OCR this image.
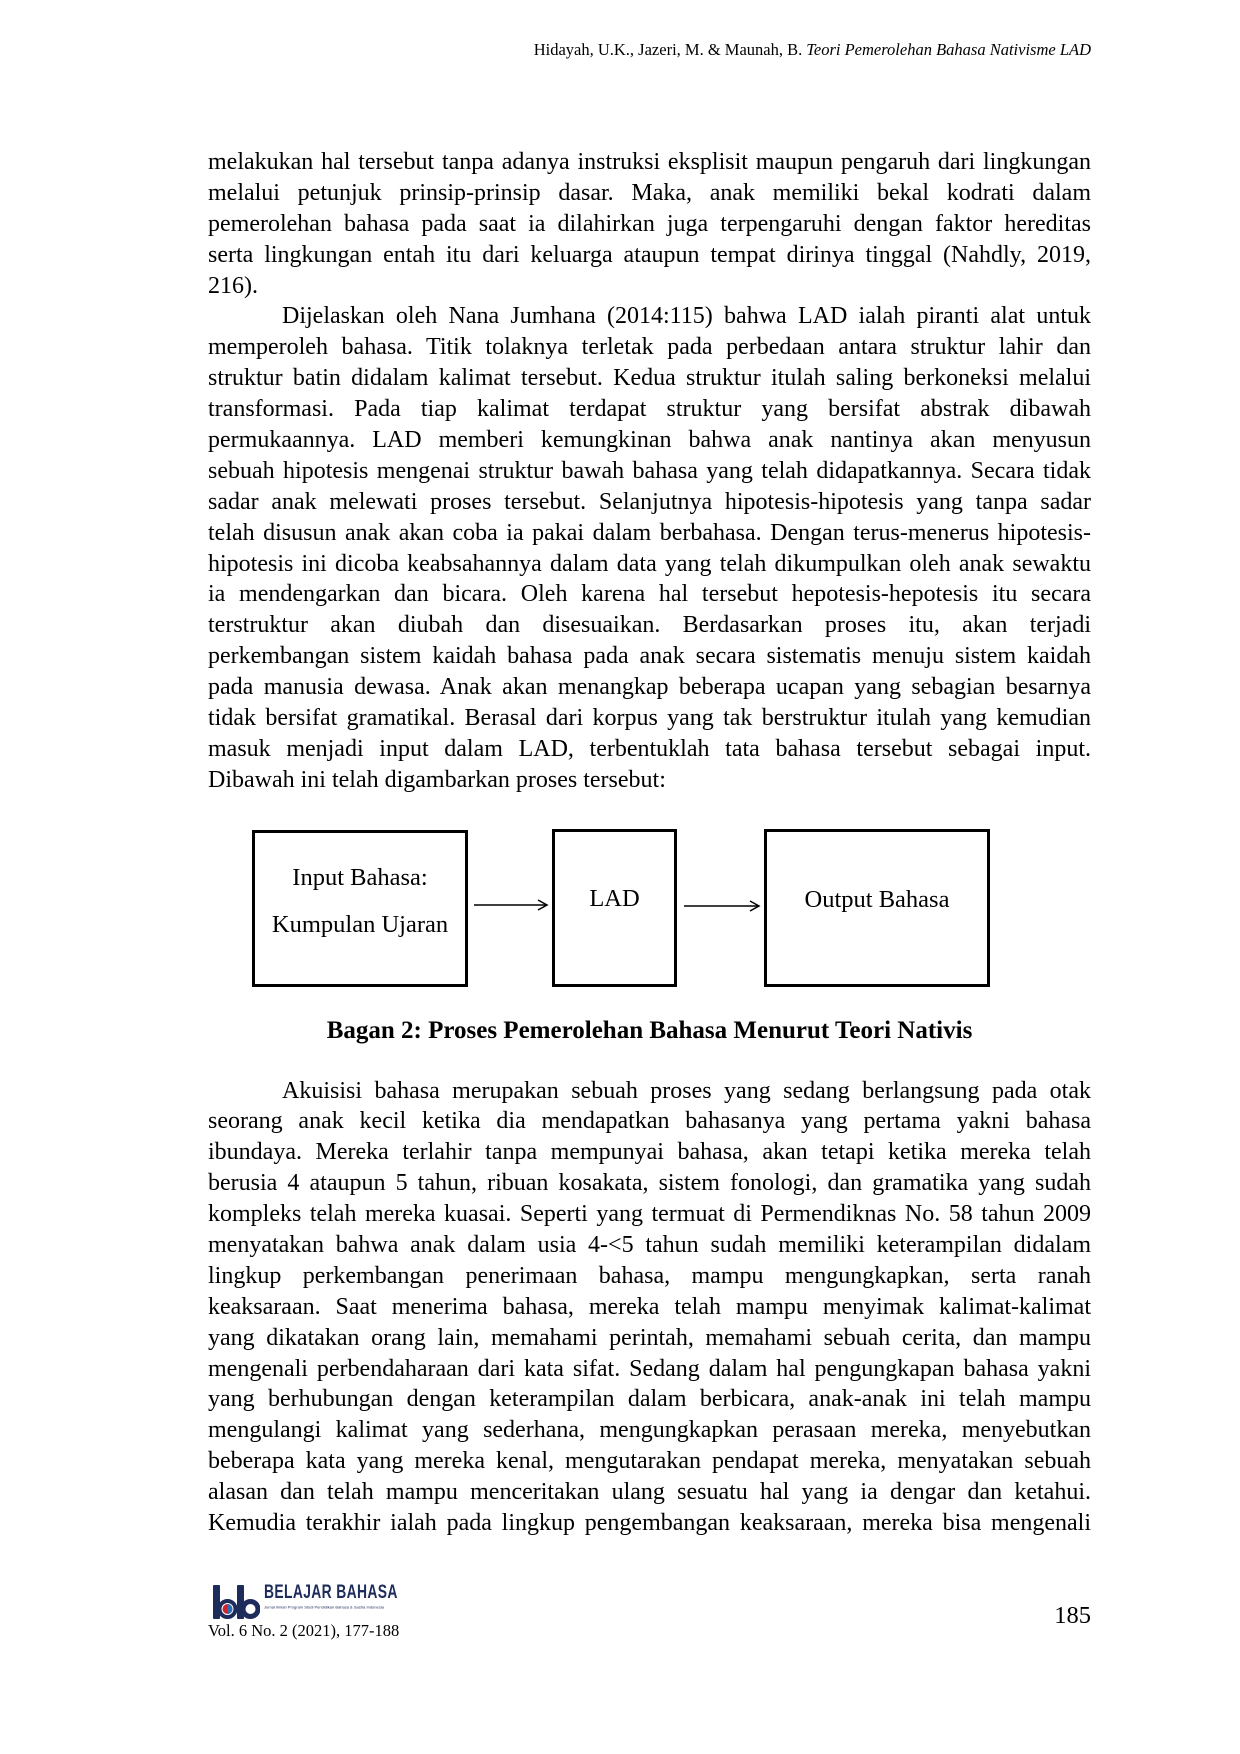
Hidayah, U.K., Jazeri, M. & Maunah, B. Teori Pemerolehan Bahasa Nativisme LAD
melakukan hal tersebut tanpa adanya instruksi eksplisit maupun pengaruh dari lingkungan
melalui petunjuk prinsip-prinsip dasar. Maka, anak memiliki bekal kodrati dalam
pemerolehan bahasa pada saat ia dilahirkan juga terpengaruhi dengan faktor hereditas
serta lingkungan entah itu dari keluarga ataupun tempat dirinya tinggal (Nahdly, 2019,
216).
Dijelaskan oleh Nana Jumhana (2014:115) bahwa LAD ialah piranti alat untuk
memperoleh bahasa. Titik tolaknya terletak pada perbedaan antara struktur lahir dan
struktur batin didalam kalimat tersebut. Kedua struktur itulah saling berkoneksi melalui
transformasi. Pada tiap kalimat terdapat struktur yang bersifat abstrak dibawah
permukaannya. LAD memberi kemungkinan bahwa anak nantinya akan menyusun
sebuah hipotesis mengenai struktur bawah bahasa yang telah didapatkannya. Secara tidak
sadar anak melewati proses tersebut. Selanjutnya hipotesis-hipotesis yang tanpa sadar
telah disusun anak akan coba ia pakai dalam berbahasa. Dengan terus-menerus hipotesis-
hipotesis ini dicoba keabsahannya dalam data yang telah dikumpulkan oleh anak sewaktu
ia mendengarkan dan bicara. Oleh karena hal tersebut hepotesis-hepotesis itu secara
terstruktur akan diubah dan disesuaikan. Berdasarkan proses itu, akan terjadi
perkembangan sistem kaidah bahasa pada anak secara sistematis menuju sistem kaidah
pada manusia dewasa. Anak akan menangkap beberapa ucapan yang sebagian besarnya
tidak bersifat gramatikal. Berasal dari korpus yang tak berstruktur itulah yang kemudian
masuk menjadi input dalam LAD, terbentuklah tata bahasa tersebut sebagai input.
Dibawah ini telah digambarkan proses tersebut:
Input Bahasa:
Kumpulan Ujaran
LAD	Output Bahasa
Bagan 2: Proses Pemerolehan Bahasa Menurut Teori Nativis
Akuisisi bahasa merupakan sebuah proses yang sedang berlangsung pada otak
seorang anak kecil ketika dia mendapatkan bahasanya yang pertama yakni bahasa
ibundaya. Mereka terlahir tanpa mempunyai bahasa, akan tetapi ketika mereka telah
berusia 4 ataupun 5 tahun, ribuan kosakata, sistem fonologi, dan gramatika yang sudah
kompleks telah mereka kuasai. Seperti yang termuat di Permendiknas No. 58 tahun 2009
menyatakan bahwa anak dalam usia 4-<5 tahun sudah memiliki keterampilan didalam
lingkup perkembangan penerimaan bahasa, mampu mengungkapkan, serta ranah
keaksaraan. Saat menerima bahasa, mereka telah mampu menyimak kalimat-kalimat
yang dikatakan orang lain, memahami perintah, memahami sebuah cerita, dan mampu
mengenali perbendaharaan dari kata sifat. Sedang dalam hal pengungkapan bahasa yakni
yang berhubungan dengan keterampilan dalam berbicara, anak-anak ini telah mampu
mengulangi kalimat yang sederhana, mengungkapkan perasaan mereka, menyebutkan
beberapa kata yang mereka kenal, mengutarakan pendapat mereka, menyatakan sebuah
alasan dan telah mampu menceritakan ulang sesuatu hal yang ia dengar dan ketahui.
Kemudia terakhir ialah pada lingkup pengembangan keaksaraan, mereka bisa mengenali
BELAJAR BAHASA
Jurnal Ilmiah Program Studi Pendidikan Bahasa & Sastra Indonesia
Vol. 6 No. 2 (2021), 177-188
185
